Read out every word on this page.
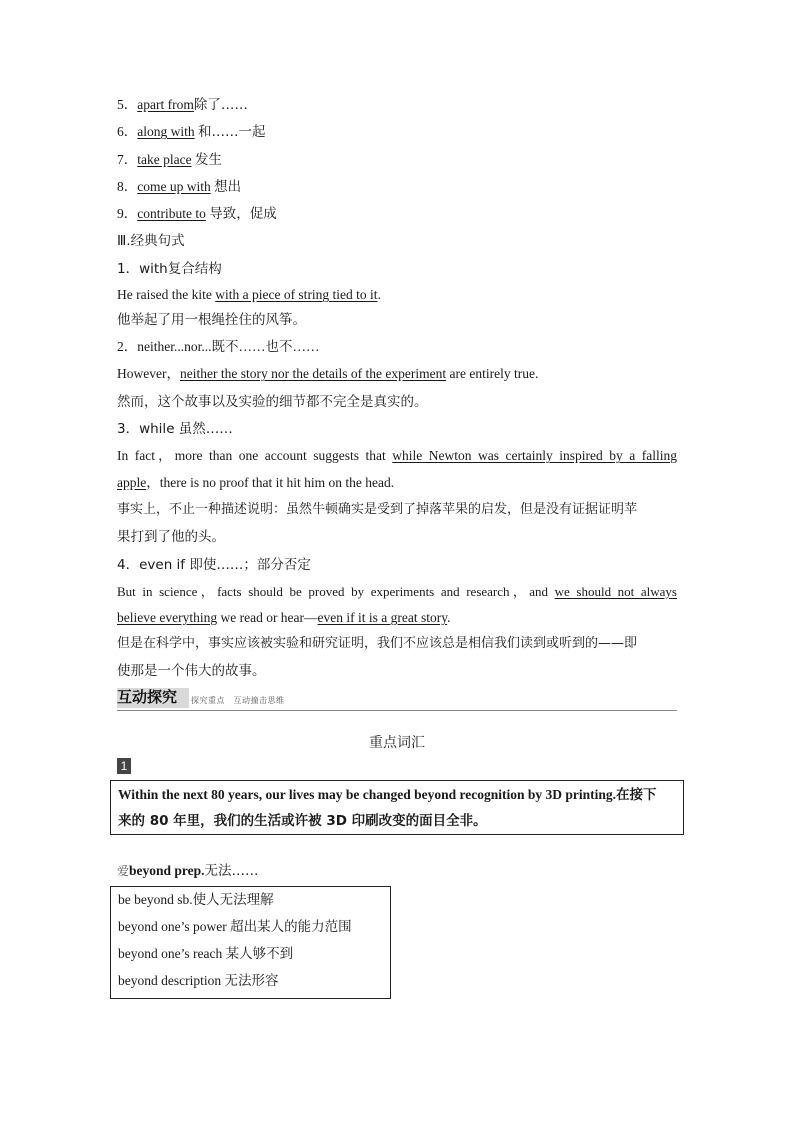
5．apart from除了……
6．along with 和……一起
7．take place 发生
8．come up with 想出
9．contribute to 导致，促成
Ⅲ.经典句式
1．with复合结构
He raised the kite with a piece of string tied to it.
他举起了用一根绳拴住的风筝。
2．neither...nor...既不……也不……
However，neither the story nor the details of the experiment are entirely true.
然而，这个故事以及实验的细节都不完全是真实的。
3．while 虽然……
In fact，more than one account suggests that while Newton was certainly inspired by a falling
apple，there is no proof that it hit him on the head.
事实上，不止一种描述说明：虽然牛顿确实是受到了掉落苹果的启发，但是没有证据证明苹
果打到了他的头。
4．even if 即使……；部分否定
But in science，facts should be proved by experiments and research，and we should not always
believe everything we read or hear—even if it is a great story.
但是在科学中，事实应该被实验和研究证明，我们不应该总是相信我们读到或听到的——即
使那是一个伟大的故事。
互动探究 探究重点　互动撞击思维
重点词汇
1
Within the next 80 years, our lives may be changed beyond recognition by 3D printing.在接下
来的 80 年里，我们的生活或许被 3D 印刷改变的面目全非。
爱beyond prep.无法……
be beyond sb.使人无法理解
beyond one’s power 超出某人的能力范围
beyond one’s reach 某人够不到
beyond description 无法形容
